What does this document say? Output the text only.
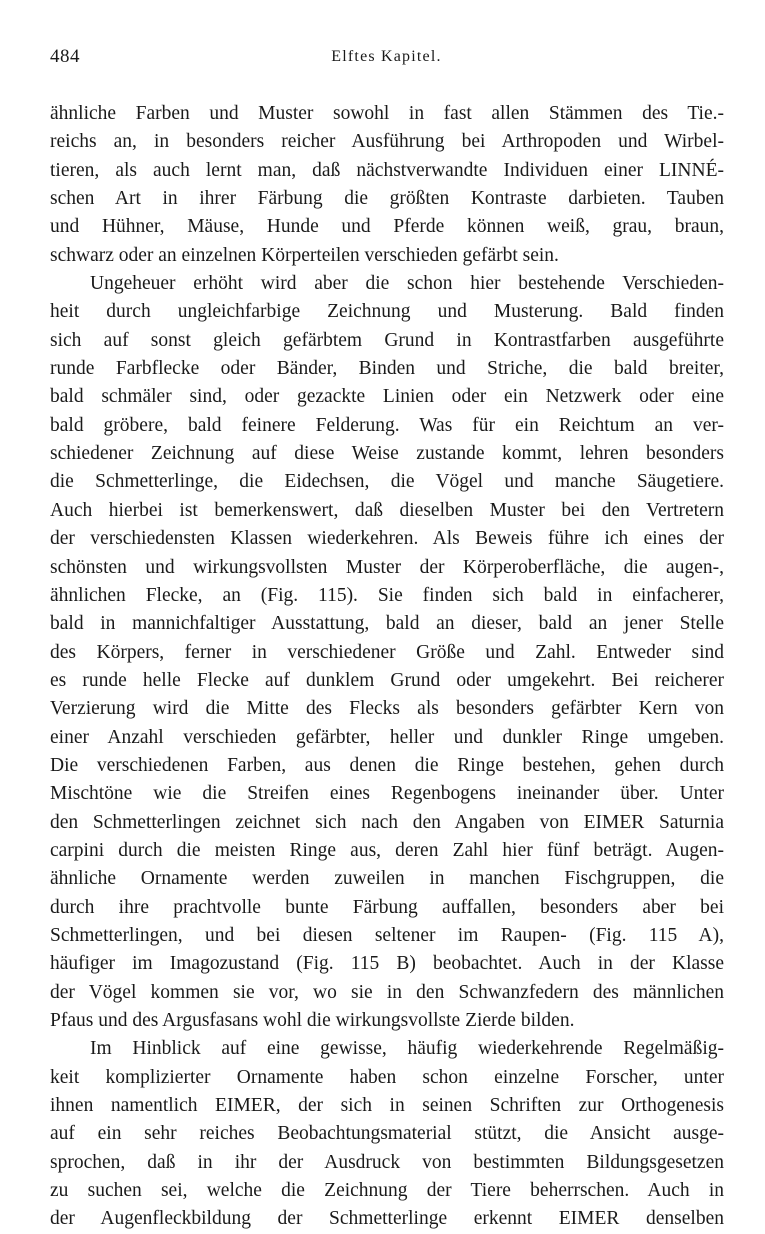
484	Elftes Kapitel.
ähnliche Farben und Muster sowohl in fast allen Stämmen des Tie.-
reichs an, in besonders reicher Ausführung bei Arthropoden und Wirbel-
tieren, als auch lernt man, daß nächstverwandte Individuen einer LINNÉ-
schen Art in ihrer Färbung die größten Kontraste darbieten. Tauben
und Hühner, Mäuse, Hunde und Pferde können weiß, grau, braun,
schwarz oder an einzelnen Körperteilen verschieden gefärbt sein.
Ungeheuer erhöht wird aber die schon hier bestehende Verschieden-
heit durch ungleichfarbige Zeichnung und Musterung. Bald finden
sich auf sonst gleich gefärbtem Grund in Kontrastfarben ausgeführte
runde Farbflecke oder Bänder, Binden und Striche, die bald breiter,
bald schmäler sind, oder gezackte Linien oder ein Netzwerk oder eine
bald gröbere, bald feinere Felderung. Was für ein Reichtum an ver-
schiedener Zeichnung auf diese Weise zustande kommt, lehren besonders
die Schmetterlinge, die Eidechsen, die Vögel und manche Säugetiere.
Auch hierbei ist bemerkenswert, daß dieselben Muster bei den Vertretern
der verschiedensten Klassen wiederkehren. Als Beweis führe ich eines der
schönsten und wirkungsvollsten Muster der Körperoberfläche, die augen-,
ähnlichen Flecke, an (Fig. 115). Sie finden sich bald in einfacherer,
bald in mannichfaltiger Ausstattung, bald an dieser, bald an jener Stelle
des Körpers, ferner in verschiedener Größe und Zahl. Entweder sind
es runde helle Flecke auf dunklem Grund oder umgekehrt. Bei reicherer
Verzierung wird die Mitte des Flecks als besonders gefärbter Kern von
einer Anzahl verschieden gefärbter, heller und dunkler Ringe umgeben.
Die verschiedenen Farben, aus denen die Ringe bestehen, gehen durch
Mischtöne wie die Streifen eines Regenbogens ineinander über. Unter
den Schmetterlingen zeichnet sich nach den Angaben von EIMER Saturnia
carpini durch die meisten Ringe aus, deren Zahl hier fünf beträgt. Augen-
ähnliche Ornamente werden zuweilen in manchen Fischgruppen, die
durch ihre prachtvolle bunte Färbung auffallen, besonders aber bei
Schmetterlingen, und bei diesen seltener im Raupen- (Fig. 115 A),
häufiger im Imagozustand (Fig. 115 B) beobachtet. Auch in der Klasse
der Vögel kommen sie vor, wo sie in den Schwanzfedern des männlichen
Pfaus und des Argusfasans wohl die wirkungsvollste Zierde bilden.
Im Hinblick auf eine gewisse, häufig wiederkehrende Regelmäßig-
keit komplizierter Ornamente haben schon einzelne Forscher, unter
ihnen namentlich EIMER, der sich in seinen Schriften zur Orthogenesis
auf ein sehr reiches Beobachtungsmaterial stützt, die Ansicht ausge-
sprochen, daß in ihr der Ausdruck von bestimmten Bildungsgesetzen
zu suchen sei, welche die Zeichnung der Tiere beherrschen. Auch in
der Augenfleckbildung der Schmetterlinge erkennt EIMER denselben
